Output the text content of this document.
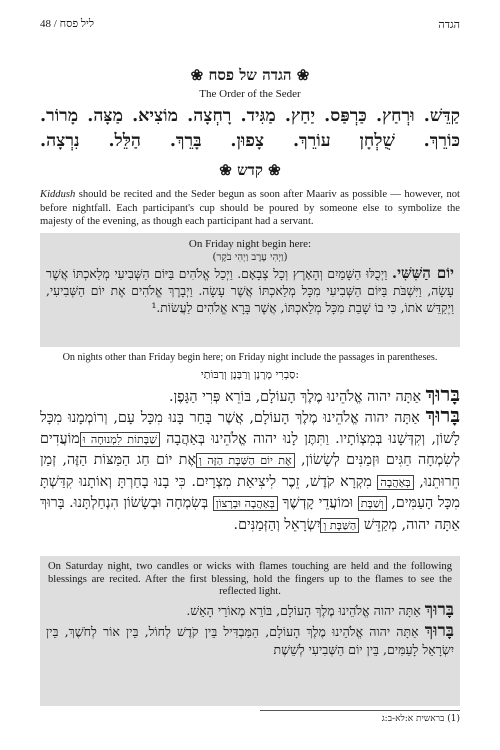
48 / ליל פסח	הגדה
❀ הגדה של פסח ❀
The Order of the Seder
קַדֵּשׁ. וּרְחַץ. כַּרְפַּס. יַחַץ. מַגִּיד. רָחְצָה. מוֹצִיא. מַצָּה. מָרוֹר. כּוֹרֵךְ. שֻׁלְחָן עוֹרֵךְ. צָפוּן. בָּרֵךְ. הַלֵּל. נִרְצָה.
❀ קדש ❀
Kiddush should be recited and the Seder begun as soon after Maariv as possible — however, not before nightfall. Each participant's cup should be poured by someone else to symbolize the majesty of the evening, as though each participant had a servant.
On Friday night begin here:
(וַיְהִי עֶרֶב וַיְהִי בֹקֶר)
יוֹם הַשִּׁשִּׁי. וַיְכֻלּוּ הַשָּׁמַיִם וְהָאָרֶץ וְכָל צְבָאָם. וַיְכַל אֱלֹהִים בַּיּוֹם הַשְּׁבִיעִי מְלַאכְתּוֹ אֲשֶׁר עָשָׂה, וַיִּשְׁבֹּת בַּיּוֹם הַשְּׁבִיעִי מִכָּל מְלַאכְתּוֹ אֲשֶׁר עָשָׂה. וַיְבָרֶךְ אֱלֹהִים אֶת יוֹם הַשְּׁבִיעִי, וַיְקַדֵּשׁ אֹתוֹ, כִּי בוֹ שָׁבַת מִכָּל מְלַאכְתּוֹ, אֲשֶׁר בָּרָא אֱלֹהִים לַעֲשׂוֹת.¹
On nights other than Friday begin here; on Friday night include the passages in parentheses.
סַבְרִי מָרָנָן וְרַבָּנָן וְרַבּוֹתַי:
בָּרוּךְ אַתָּה יהוה אֱלֹהֵינוּ מֶלֶךְ הָעוֹלָם, בּוֹרֵא פְּרִי הַגָּפֶן.
בָּרוּךְ אַתָּה יהוה אֱלֹהֵינוּ מֶלֶךְ הָעוֹלָם, אֲשֶׁר בָּחַר בָּנוּ מִכָּל עָם, וְרוֹמְמָנוּ מִכָּל לָשׁוֹן, וְקִדְּשָׁנוּ בְּמִצְוֹתָיו. וַתִּתֶּן לָנוּ יהוה אֱלֹהֵינוּ בְּאַהֲבָה שַׁבָּתוֹת לִמְנוּחָה וּמוֹעֲדִים לְשִׂמְחָה חַגִּים וּזְמַנִּים לְשָׂשׂוֹן, אֶת יוֹם הַשַּׁבָּת הַזֶּה וְאֶת יוֹם חַג הַמַּצּוֹת הַזֶּה, זְמַן חֵרוּתֵנוּ, בְּאַהֲבָה מִקְרָא קֹדֶשׁ, זֵכֶר לִיצִיאַת מִצְרָיִם. כִּי בָנוּ בָחַרְתָּ וְאוֹתָנוּ קִדַּשְׁתָּ מִכָּל הָעַמִּים, וְשַׁבָּת וּמוֹעֲדֵי קָדְשֶׁךָ בְּאַהֲבָה וּבְרָצוֹן בְּשִׂמְחָה וּבְשָׂשׂוֹן הִנְחַלְתָּנוּ. בָּרוּךְ אַתָּה יהוה, מְקַדֵּשׁ הַשַּׁבָּת וְיִשְׂרָאֵל וְהַזְּמַנִּים.
On Saturday night, two candles or wicks with flames touching are held and the following blessings are recited. After the first blessing, hold the fingers up to the flames to see the reflected light.
בָּרוּךְ אַתָּה יהוה אֱלֹהֵינוּ מֶלֶךְ הָעוֹלָם, בּוֹרֵא מְאוֹרֵי הָאֵשׁ.
בָּרוּךְ אַתָּה יהוה אֱלֹהֵינוּ מֶלֶךְ הָעוֹלָם, הַמַּבְדִּיל בֵּין קֹדֶשׁ לְחוֹל, בֵּין אוֹר לְחֹשֶׁךְ, בֵּין יִשְׂרָאֵל לָעַמִּים, בֵּין יוֹם הַשְּׁבִיעִי לְשֵׁשֶׁת
(1) בראשית א:לא-ב:ג
